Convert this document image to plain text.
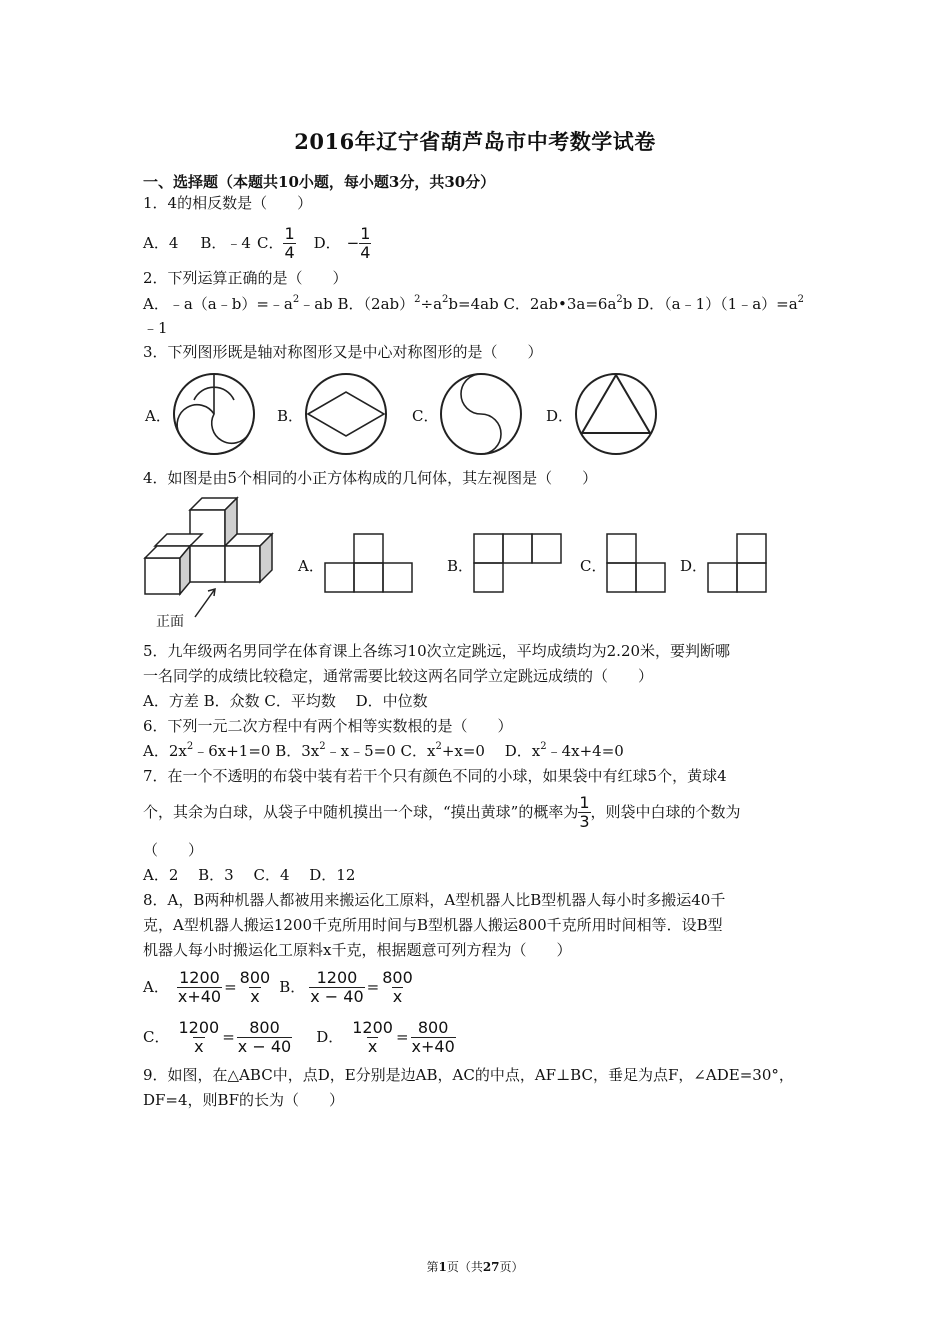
2016年辽宁省葫芦岛市中考数学试卷
一、选择题（本题共10小题，每小题3分，共30分）
1．4的相反数是（　　）
A．4 B．﹣4 C．
1
4 D． − $\frac{1}{4}$
2．下列运算正确的是（　　）
A．$﹣a(a﹣b)=﹣a^2﹣ab$ B．$(2ab)^2\div a^2b=4ab$ C．$2ab•3a=6a^2b$ D．$(a﹣1)(1﹣a)=a^2$
﹣1
3．下列图形既是轴对称图形又是中心对称图形的是（　　）
A．	B．	C．	D．
4．如图是由5个相同的小正方体构成的几何体，其左视图是（　　）
正面
A．	B．	C．	D．
5．九年级两名男同学在体育课上各练习10次立定跳远，平均成绩均为2.20米，要判断哪
一名同学的成绩比较稳定，通常需要比较这两名同学立定跳远成绩的（　　）
A．方差 B．众数 C．平均数　 D．中位数
6．下列一元二次方程中有两个相等实数根的是（　　）
A．$2x^2﹣6x+1=0$ B．$3x^2﹣x﹣5=0$ C．$x^2+x=0$　 D．$x^2﹣4x+4=0$
7．在一个不透明的布袋中装有若干个只有颜色不同的小球，如果袋中有红球5个，黄球4
个，其余为白球，从袋子中随机摸出一个球，“摸出黄球”的概率为
1
3 ，则袋中白球的个数为
（　　）
A．2　 B．3　 C．4　 D．12
8．A，B两种机器人都被用来搬运化工原料，A型机器人比B型机器人每小时多搬运40千
克，A型机器人搬运1200千克所用时间与B型机器人搬运800千克所用时间相等．设B型
机器人每小时搬运化工原料x千克，根据题意可列方程为（　　）
A． $\frac{1200}{x+40} = \frac{800}{x}$ B． $\frac{1200}{x - 40} = \frac{800}{x}$
C． $\frac{1200}{x} = \frac{800}{x - 40}$ D． $\frac{1200}{x} = \frac{800}{x+40}$
9．如图，在△ABC中，点D，E分别是边AB，AC的中点，AF⊥BC，垂足为点F，∠ADE=30°，
DF=4，则BF的长为（　　）
第1页（共27页）
